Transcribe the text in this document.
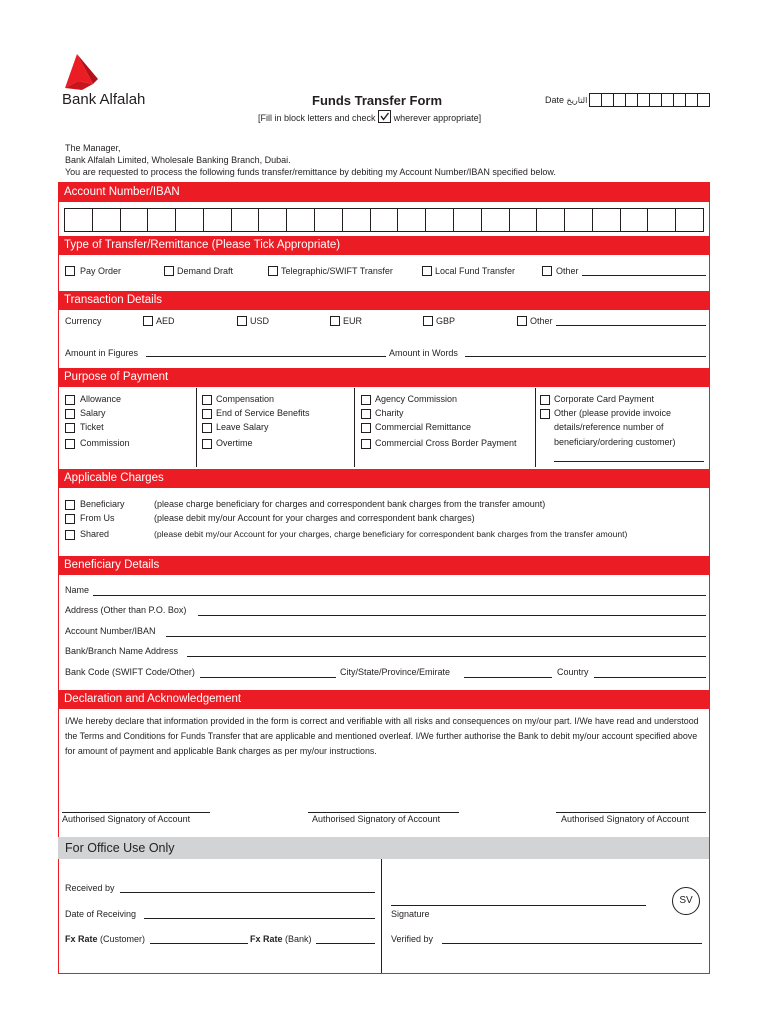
Bank Alfalah	Funds Transfer Form
[Fill in block letters and check wherever appropriate]
Date التاريخ
The Manager,
Bank Alfalah Limited, Wholesale Banking Branch, Dubai.
You are requested to process the following funds transfer/remittance by debiting my Account Number/IBAN specified below.
Account Number/IBAN
Type of Transfer/Remittance (Please Tick Appropriate)
Pay Order	Demand Draft	Telegraphic/SWIFT Transfer	Local Fund Transfer	Other
Transaction Details
Currency	AED	USD	EUR	GBP	Other
Amount in Figures	Amount in Words
Purpose of Payment
Allowance
Salary
Ticket
Commission
Compensation
End of Service Benefits
Leave Salary
Overtime
Agency Commission
Charity
Commercial Remittance
Commercial Cross Border Payment
Corporate Card Payment
Other (please provide invoice
details/reference number of
beneficiary/ordering customer)
Applicable Charges
Beneficiary	(please charge beneficiary for charges and correspondent bank charges from the transfer amount)
From Us	(please debit my/our Account for your charges and correspondent bank charges)
Shared	(please debit my/our Account for your charges, charge beneficiary for correspondent bank charges from the transfer amount)
Beneficiary Details
Name
Address (Other than P.O. Box)
Account Number/IBAN
Bank/Branch Name Address
Bank Code (SWIFT Code/Other)	City/State/Province/Emirate	Country
Declaration and Acknowledgement
I/We hereby declare that information provided in the form is correct and verifiable with all risks and consequences on my/our part. I/We have read and understood the Terms and Conditions for Funds Transfer that are applicable and mentioned overleaf. I/We further authorise the Bank to debit my/our account specified above for amount of payment and applicable Bank charges as per my/our instructions.
Authorised Signatory of Account	Authorised Signatory of Account	Authorised Signatory of Account
For Office Use Only
Received by
Date of Receiving
Fx Rate (Customer)	Fx Rate (Bank)
Signature
Verified by
SV
